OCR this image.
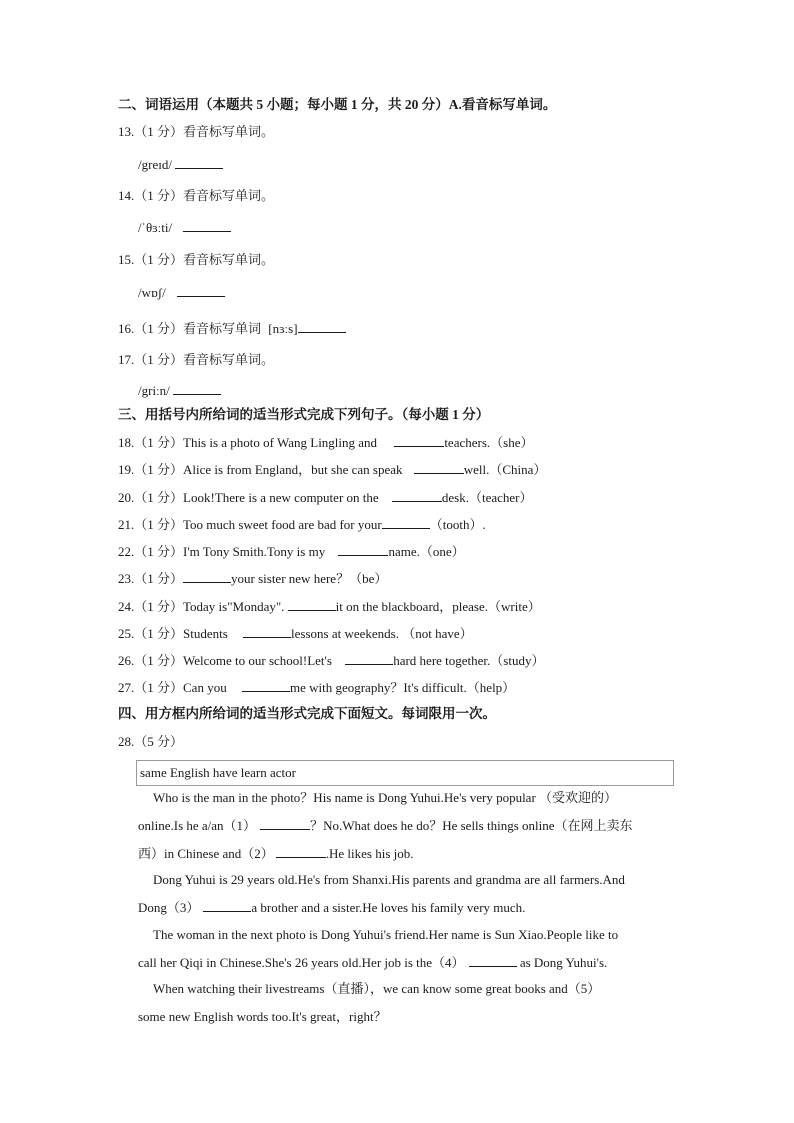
二、词语运用（本题共 5 小题；每小题 1 分，共 20 分）A.看音标写单词。
13.（1 分）看音标写单词。
/greɪd/
14.（1 分）看音标写单词。
/ˈθɜːti/
15.（1 分）看音标写单词。
/wɒʃ/
16.（1 分）看音标写单词 [nɜːs]
17.（1 分）看音标写单词。
/griːn/
三、用括号内所给词的适当形式完成下列句子。（每小题 1 分）
18.（1 分）This is a photo of Wang Lingling and	teachers.（she）
19.（1 分）Alice is from England，but she can speak	well.（China）
20.（1 分）Look!There is a new computer on the	desk.（teacher）
21.（1 分）Too much sweet food are bad for your	（tooth）.
22.（1 分）I'm Tony Smith.Tony is my	name.（one）
23.（1 分）	your sister new here？（be）
24.（1 分）Today is"Monday".	it on the blackboard，please.（write）
25.（1 分）Students	lessons at weekends. （not have）
26.（1 分）Welcome to our school!Let's	hard here together.（study）
27.（1 分）Can you	me with geography？It's difficult.（help）
四、用方框内所给词的适当形式完成下面短文。每词限用一次。
28.（5 分）
same English have learn actor
Who is the man in the photo？His name is Dong Yuhui.He's very popular （受欢迎的）
online.Is he a/an（1）	？No.What does he do？He sells things online（在网上卖东
西）in Chinese and（2）	.He likes his job.
Dong Yuhui is 29 years old.He's from Shanxi.His parents and grandma are all farmers.And
Dong（3）	a brother and a sister.He loves his family very much.
The woman in the next photo is Dong Yuhui's friend.Her name is Sun Xiao.People like to
call her Qiqi in Chinese.She's 26 years old.Her job is the（4）	as Dong Yuhui's.
When watching their livestreams（直播），we can know some great books and（5）
some new English words too.It's great，right？
